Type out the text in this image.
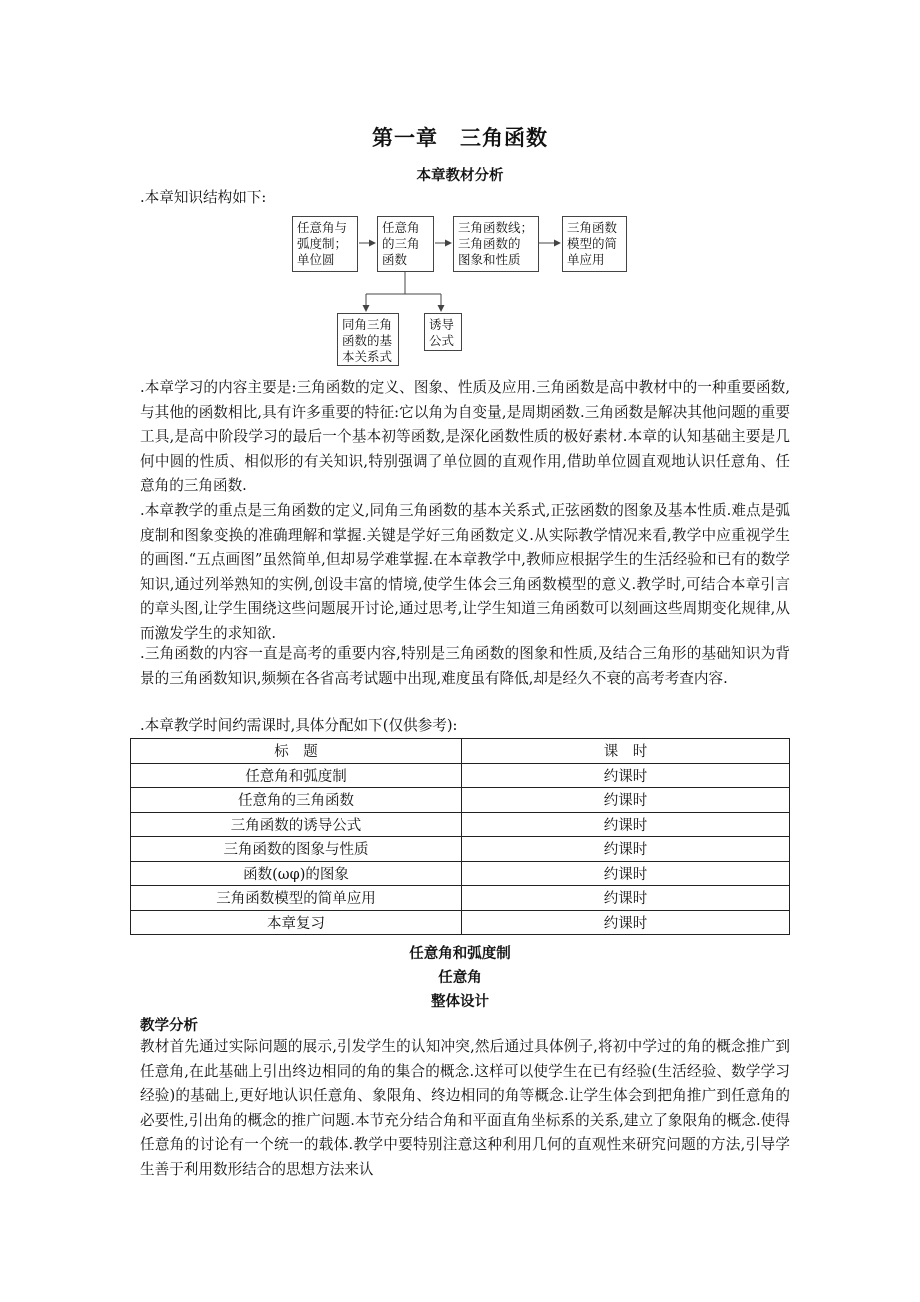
第一章　三角函数
本章教材分析

.本章知识结构如下:

任意角与
弧度制；
单位圆
任意角
的三角
函数
三角函数线；
三角函数的
图象和性质
三角函数
模型的简
单应用
同角三角
函数的基
本关系式
诱导
公式

.本章学习的内容主要是:三角函数的定义、图象、性质及应用.三角函数是高中教材中的一种重要函数,与其他的函数相比,具有许多重要的特征:它以角为自变量,是周期函数.三角函数是解决其他问题的重要工具,是高中阶段学习的最后一个基本初等函数,是深化函数性质的极好素材.本章的认知基础主要是几何中圆的性质、相似形的有关知识,特别强调了单位圆的直观作用,借助单位圆直观地认识任意角、任意角的三角函数.

.本章教学的重点是三角函数的定义,同角三角函数的基本关系式,正弦函数的图象及基本性质.难点是弧度制和图象变换的准确理解和掌握.关键是学好三角函数定义.从实际教学情况来看,教学中应重视学生的画图.“五点画图”虽然简单,但却易学难掌握.在本章教学中,教师应根据学生的生活经验和已有的数学知识,通过列举熟知的实例,创设丰富的情境,使学生体会三角函数模型的意义.教学时,可结合本章引言的章头图,让学生围绕这些问题展开讨论,通过思考,让学生知道三角函数可以刻画这些周期变化规律,从而激发学生的求知欲.

.三角函数的内容一直是高考的重要内容,特别是三角函数的图象和性质,及结合三角形的基础知识为背景的三角函数知识,频频在各省高考试题中出现,难度虽有降低,却是经久不衰的高考考查内容.

.本章教学时间约需课时,具体分配如下(仅供参考):

标　题	课　时
任意角和弧度制	约课时
任意角的三角函数	约课时
三角函数的诱导公式	约课时
三角函数的图象与性质	约课时
函数(ωφ)的图象	约课时
三角函数模型的简单应用	约课时
本章复习	约课时
任意角和弧度制
任意角
整体设计
教学分析

教材首先通过实际问题的展示,引发学生的认知冲突,然后通过具体例子,将初中学过的角的概念推广到任意角,在此基础上引出终边相同的角的集合的概念.这样可以使学生在已有经验(生活经验、数学学习经验)的基础上,更好地认识任意角、象限角、终边相同的角等概念.让学生体会到把角推广到任意角的必要性,引出角的概念的推广问题.本节充分结合角和平面直角坐标系的关系,建立了象限角的概念.使得任意角的讨论有一个统一的载体.教学中要特别注意这种利用几何的直观性来研究问题的方法,引导学生善于利用数形结合的思想方法来认
